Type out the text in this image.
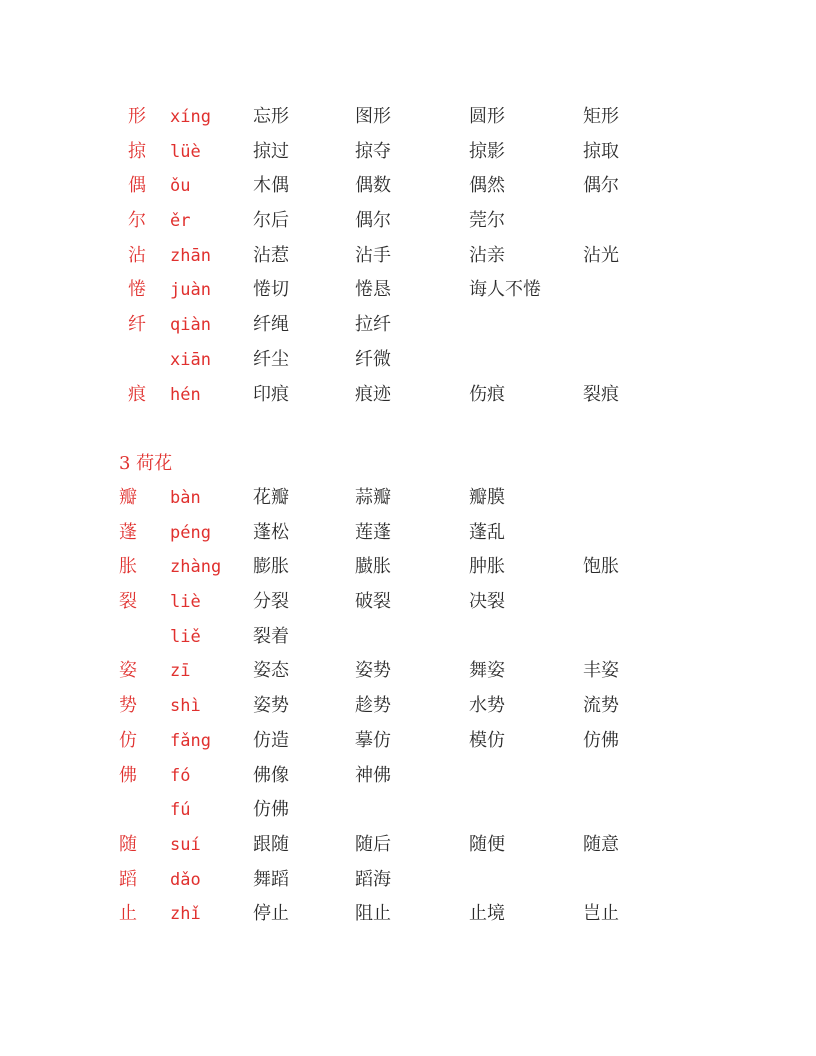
形 xíng 忘形	图形	圆形	矩形
掠 lüè	掠过	掠夺	掠影	掠取
偶 ǒu	木偶	偶数	偶然	偶尔
尔 ěr	尔后	偶尔	莞尔
沾 zhān 沾惹	沾手	沾亲	沾光
惓 juàn 惓切	惓恳	诲人不惓
纤 qiàn 纤绳	拉纤
xiān 纤尘	纤微
痕 hén	印痕	痕迹	伤痕	裂痕
3 荷花
瓣 bàn	花瓣	蒜瓣	瓣膜
蓬 péng 蓬松	莲蓬	蓬乱
胀 zhàng 膨胀	臌胀	肿胀	饱胀
裂 liè	分裂	破裂	决裂
liě	裂着
姿 zī	姿态	姿势	舞姿	丰姿
势 shì	姿势	趁势	水势	流势
仿 fǎng 仿造	摹仿	模仿	仿佛
佛 fó	佛像	神佛
fú	仿佛
随 suí	跟随	随后	随便	随意
蹈 dǎo	舞蹈	蹈海
止 zhǐ	停止	阻止	止境	岂止
